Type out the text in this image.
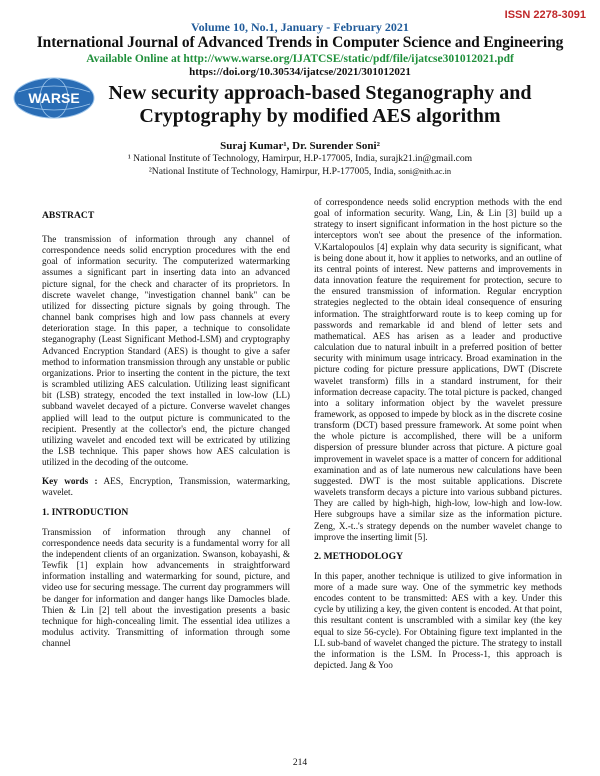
ISSN 2278-3091
Volume 10, No.1, January - February 2021
International Journal of Advanced Trends in Computer Science and Engineering
Available Online at http://www.warse.org/IJATCSE/static/pdf/file/ijatcse301012021.pdf
https://doi.org/10.30534/ijatcse/2021/301012021
WARSE	New security approach-based Steganography and Cryptography by modified AES algorithm
Suraj Kumar¹, Dr. Surender Soni²
¹ National Institute of Technology, Hamirpur, H.P-177005, India, surajk21.in@gmail.com
²National Institute of Technology, Hamirpur, H.P-177005, India, soni@nith.ac.in
ABSTRACT

The transmission of information through any channel of correspondence needs solid encryption procedures with the end goal of information security. The computerized watermarking assumes a significant part in inserting data into an advanced picture signal, for the check and character of its proprietors. In discrete wavelet change, "investigation channel bank" can be utilized for dissecting picture signals by going through. The channel bank comprises high and low pass channels at every deterioration stage. In this paper, a technique to consolidate steganography (Least Significant Method-LSM) and cryptography Advanced Encryption Standard (AES) is thought to give a safer method to information transmission through any unstable or public organizations. Prior to inserting the content in the picture, the text is scrambled utilizing AES calculation. Utilizing least significant bit (LSB) strategy, encoded the text installed in low-low (LL) subband wavelet decayed of a picture. Converse wavelet changes applied will lead to the output picture is communicated to the recipient. Presently at the collector's end, the picture changed utilizing wavelet and encoded text will be extricated by utilizing the LSB technique. This paper shows how AES calculation is utilized in the decoding of the outcome.

Key words : AES, Encryption, Transmission, watermarking, wavelet.

1. INTRODUCTION

Transmission of information through any channel of correspondence needs data security is a fundamental worry for all the independent clients of an organization. Swanson, kobayashi, & Tewfik [1] explain how advancements in straightforward information installing and watermarking for sound, picture, and video use for securing message. The current day programmers will be danger for information and danger hangs like Damocles blade. Thien & Lin [2] tell about the investigation presents a basic technique for high-concealing limit. The essential idea utilizes a modulus activity. Transmitting of information through some channel

of correspondence needs solid encryption methods with the end goal of information security. Wang, Lin, & Lin [3] build up a strategy to insert significant information in the host picture so the interceptors won't see about the presence of the information. V.Kartalopoulos [4] explain why data security is significant, what is being done about it, how it applies to networks, and an outline of its central points of interest. New patterns and improvements in data innovation feature the requirement for protection, secure to the ensured transmission of information. Regular encryption strategies neglected to the obtain ideal consequence of ensuring information. The straightforward route is to keep coming up for passwords and remarkable id and blend of letter sets and mathematical. AES has arisen as a leader and productive calculation due to natural inbuilt in a preferred position of better security with minimum usage intricacy. Broad examination in the picture coding for picture pressure applications, DWT (Discrete wavelet transform) fills in a standard instrument, for their information decrease capacity. The total picture is packed, changed into a solitary information object by the wavelet pressure framework, as opposed to impede by block as in the discrete cosine transform (DCT) based pressure framework. At some point when the whole picture is accomplished, there will be a uniform dispersion of pressure blunder across that picture. A picture goal improvement in wavelet space is a matter of concern for additional examination and as of late numerous new calculations have been suggested. DWT is the most suitable applications. Discrete wavelets transform decays a picture into various subband pictures. They are called by high-high, high-low, low-high and low-low. Here subgroups have a similar size as the information picture. Zeng, X.-t..'s strategy depends on the number wavelet change to improve the inserting limit [5].

2. METHODOLOGY

In this paper, another technique is utilized to give information in more of a made sure way. One of the symmetric key methods encodes content to be transmitted: AES with a key. Under this cycle by utilizing a key, the given content is encoded. At that point, this resultant content is unscrambled with a similar key (the key equal to size 56-cycle). For Obtaining figure text implanted in the LL sub-band of wavelet changed the picture. The strategy to install the information is the LSM. In Process-1, this approach is depicted. Jang & Yoo

214
